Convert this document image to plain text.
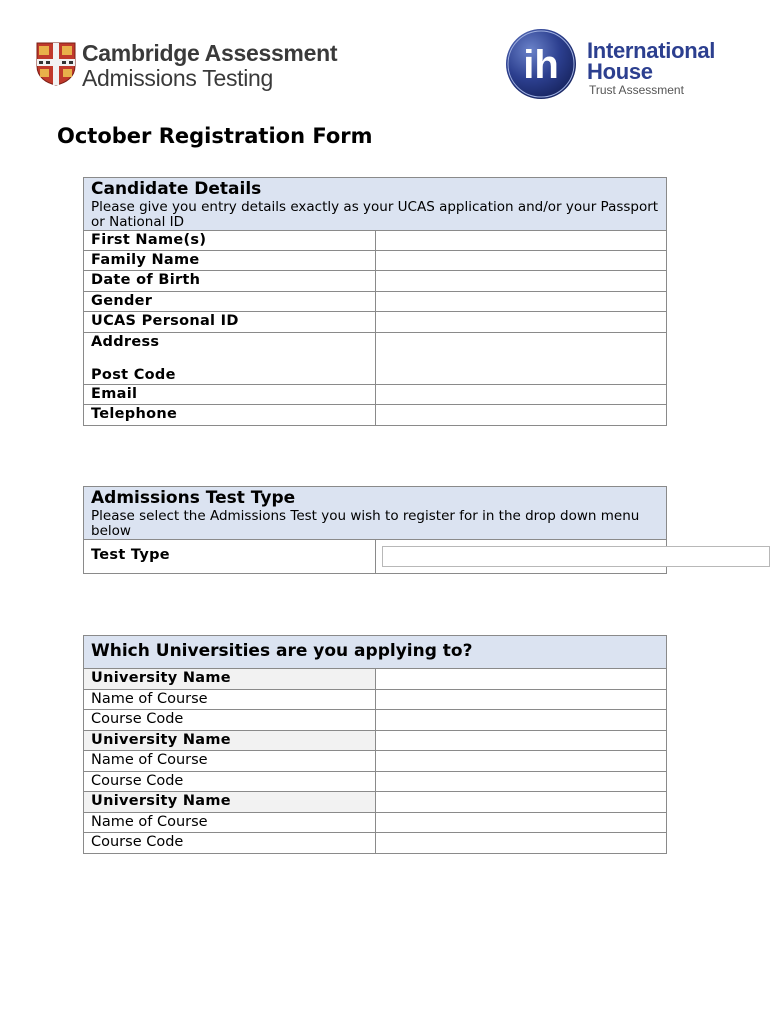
Cambridge Assessment
Admissions Testing	ih International
House
Trust Assessment
October Registration Form
Candidate Details
Please give you entry details exactly as your UCAS application and/or your Passport or National ID
First Name(s)
Family Name
Date of Birth
Gender
UCAS Personal ID
Address
Post Code
Email
Telephone
Admissions Test Type
Please select the Admissions Test you wish to register for in the drop down menu below
Test Type
Which Universities are you applying to?
University Name
Name of Course
Course Code
University Name
Name of Course
Course Code
University Name
Name of Course
Course Code
